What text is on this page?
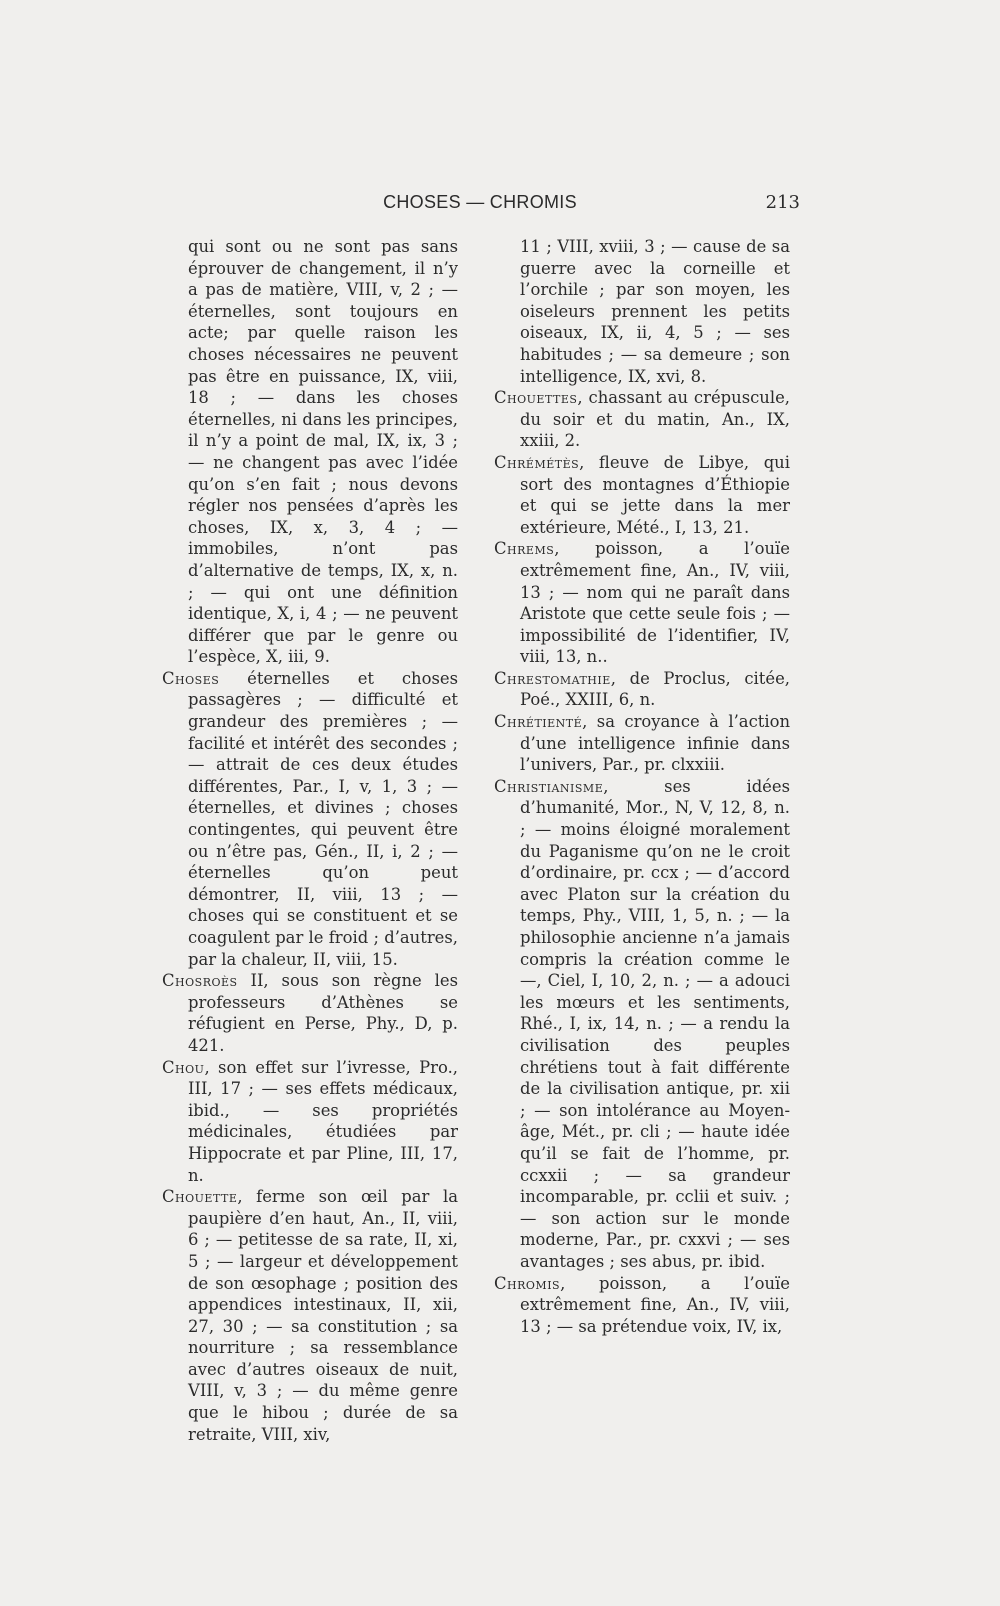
CHOSES — CHROMIS	213

qui sont ou ne sont pas sans éprouver de changement, il n’y a pas de matière, VIII, v, 2 ; — éternelles, sont toujours en acte; par quelle raison les choses nécessaires ne peuvent pas être en puissance, IX, viii, 18 ; — dans les choses éternelles, ni dans les principes, il n’y a point de mal, IX, ix, 3 ; — ne changent pas avec l’idée qu’on s’en fait ; nous devons régler nos pensées d’après les choses, IX, x, 3, 4 ; — immobiles, n’ont pas d’alternative de temps, IX, x, n. ; — qui ont une définition identique, X, i, 4 ; — ne peuvent différer que par le genre ou l’espèce, X, iii, 9.

Choses éternelles et choses passagères ; — difficulté et grandeur des premières ; — facilité et intérêt des secondes ; — attrait de ces deux études différentes, Par., I, v, 1, 3 ; — éternelles, et divines ; choses contingentes, qui peuvent être ou n’être pas, Gén., II, i, 2 ; — éternelles qu’on peut démontrer, II, viii, 13 ; — choses qui se constituent et se coagulent par le froid ; d’autres, par la chaleur, II, viii, 15.

Chosroès II, sous son règne les professeurs d’Athènes se réfugient en Perse, Phy., D, p. 421.

Chou, son effet sur l’ivresse, Pro., III, 17 ; — ses effets médicaux, ibid., — ses propriétés médicinales, étudiées par Hippocrate et par Pline, III, 17, n.

Chouette, ferme son œil par la paupière d’en haut, An., II, viii, 6 ; — petitesse de sa rate, II, xi, 5 ; — largeur et développement de son œsophage ; position des appendices intestinaux, II, xii, 27, 30 ; — sa constitution ; sa nourriture ; sa ressemblance avec d’autres oiseaux de nuit, VIII, v, 3 ; — du même genre que le hibou ; durée de sa retraite, VIII, xiv,

11 ; VIII, xviii, 3 ; — cause de sa guerre avec la corneille et l’orchile ; par son moyen, les oiseleurs prennent les petits oiseaux, IX, ii, 4, 5 ; — ses habitudes ; — sa demeure ; son intelligence, IX, xvi, 8.

Chouettes, chassant au crépuscule, du soir et du matin, An., IX, xxiii, 2.

Chrémétès, fleuve de Libye, qui sort des montagnes d’Éthiopie et qui se jette dans la mer extérieure, Mété., I, 13, 21.

Chrems, poisson, a l’ouïe extrêmement fine, An., IV, viii, 13 ; — nom qui ne paraît dans Aristote que cette seule fois ; — impossibilité de l’identifier, IV, viii, 13, n..

Chrestomathie, de Proclus, citée, Poé., XXIII, 6, n.

Chrétienté, sa croyance à l’action d’une intelligence infinie dans l’univers, Par., pr. clxxiii.

Christianisme, ses idées d’humanité, Mor., N, V, 12, 8, n. ; — moins éloigné moralement du Paganisme qu’on ne le croit d’ordinaire, pr. ccx ; — d’accord avec Platon sur la création du temps, Phy., VIII, 1, 5, n. ; — la philosophie ancienne n’a jamais compris la création comme le —, Ciel, I, 10, 2, n. ; — a adouci les mœurs et les sentiments, Rhé., I, ix, 14, n. ; — a rendu la civilisation des peuples chrétiens tout à fait différente de la civilisation antique, pr. xii ; — son intolérance au Moyen-âge, Mét., pr. cli ; — haute idée qu’il se fait de l’homme, pr. ccxxii ; — sa grandeur incomparable, pr. cclii et suiv. ; — son action sur le monde moderne, Par., pr. cxxvi ; — ses avantages ; ses abus, pr. ibid.

Chromis, poisson, a l’ouïe extrêmement fine, An., IV, viii, 13 ; — sa prétendue voix, IV, ix,
